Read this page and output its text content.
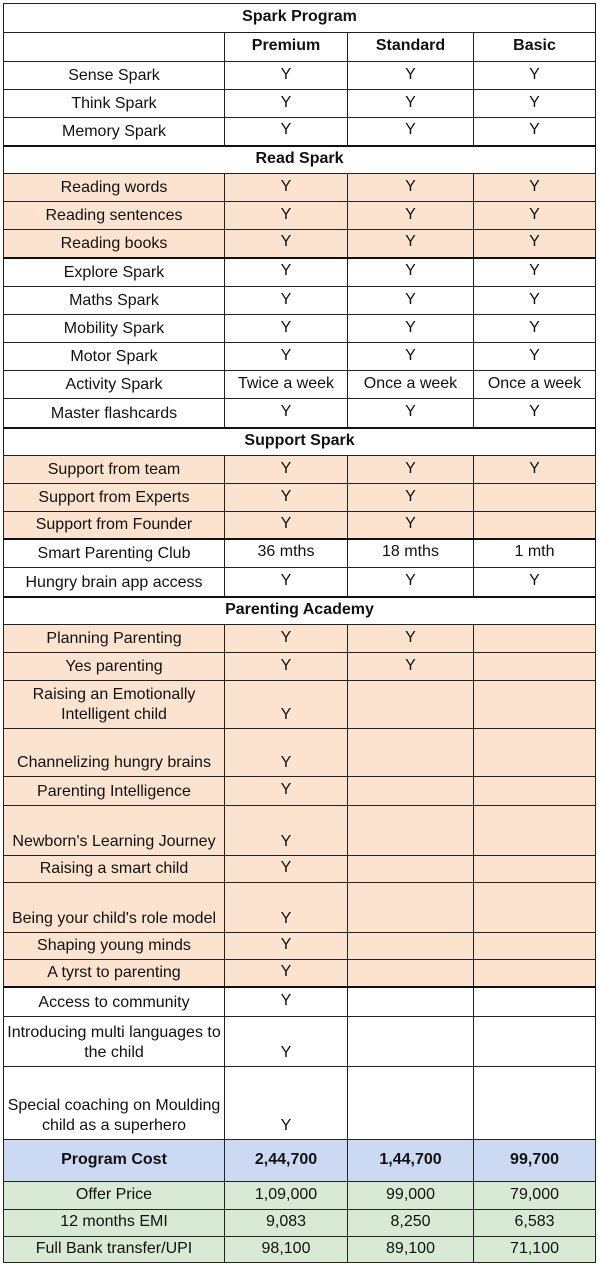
Spark Program			
	Premium	Standard	Basic
Sense Spark	Y	Y	Y
Think Spark	Y	Y	Y
Memory Spark	Y	Y	Y
Read Spark			
Reading words	Y	Y	Y
Reading sentences	Y	Y	Y
Reading books	Y	Y	Y
Explore Spark	Y	Y	Y
Maths Spark	Y	Y	Y
Mobility Spark	Y	Y	Y
Motor Spark	Y	Y	Y
Activity Spark	Twice a week	Once a week	Once a week
Master flashcards	Y	Y	Y
Support Spark			
Support from team	Y	Y	Y
Support from Experts	Y	Y	
Support from Founder	Y	Y	
Smart Parenting Club	36 mths	18 mths	1 mth
Hungry brain app access	Y	Y	Y
Parenting Academy			
Planning Parenting	Y	Y	
Yes parenting	Y	Y	
Raising an Emotionally Intelligent child	Y		
Channelizing hungry brains	Y		
Parenting Intelligence	Y		
Newborn's Learning Journey	Y		
Raising a smart child	Y		
Being your child's role model	Y		
Shaping young minds	Y		
A tyrst to parenting	Y		
Access to community	Y		
Introducing multi languages to the child	Y		
Special coaching on Moulding child as a superhero	Y		
Program Cost	2,44,700	1,44,700	99,700
Offer Price	1,09,000	99,000	79,000
12 months EMI	9,083	8,250	6,583
Full Bank transfer/UPI	98,100	89,100	71,100
